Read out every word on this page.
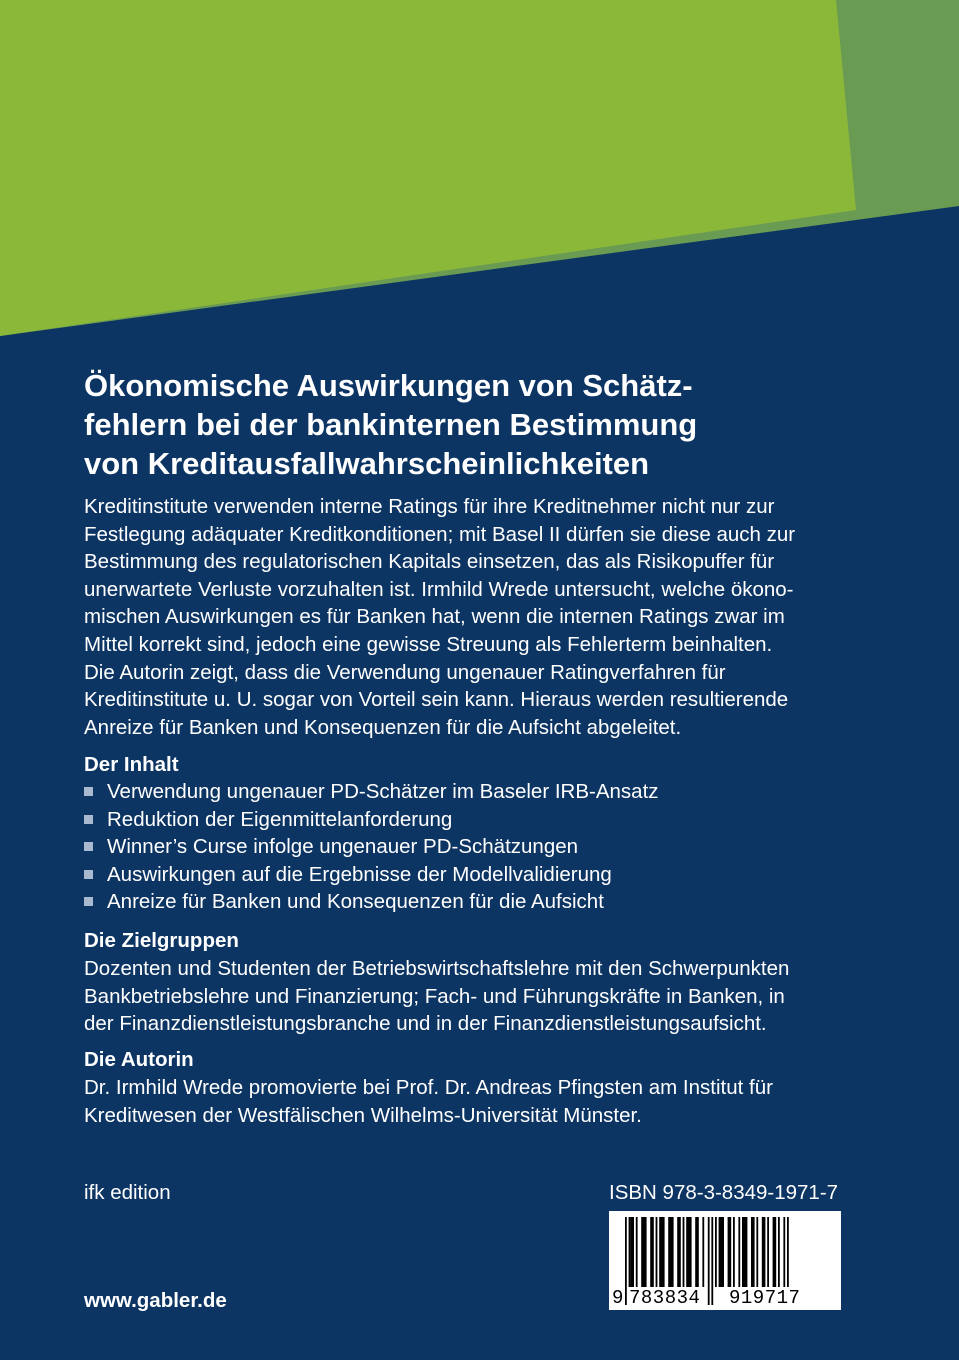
Ökonomische Auswirkungen von Schätz-
fehlern bei der bankinternen Bestimmung
von Kreditausfallwahrscheinlichkeiten
Kreditinstitute verwenden interne Ratings für ihre Kreditnehmer nicht nur zur
Festlegung adäquater Kreditkonditionen; mit Basel II dürfen sie diese auch zur
Bestimmung des regulatorischen Kapitals einsetzen, das als Risikopuffer für
unerwartete Verluste vorzuhalten ist. Irmhild Wrede untersucht, welche ökono-
mischen Auswirkungen es für Banken hat, wenn die internen Ratings zwar im
Mittel korrekt sind, jedoch eine gewisse Streuung als Fehlerterm beinhalten.
Die Autorin zeigt, dass die Verwendung ungenauer Ratingverfahren für
Kreditinstitute u. U. sogar von Vorteil sein kann. Hieraus werden resultierende
Anreize für Banken und Konsequenzen für die Aufsicht abgeleitet.
Der Inhalt
Verwendung ungenauer PD-Schätzer im Baseler IRB-Ansatz
Reduktion der Eigenmittelanforderung
Winner’s Curse infolge ungenauer PD-Schätzungen
Auswirkungen auf die Ergebnisse der Modellvalidierung
Anreize für Banken und Konsequenzen für die Aufsicht
Die Zielgruppen
Dozenten und Studenten der Betriebswirtschaftslehre mit den Schwerpunkten
Bankbetriebslehre und Finanzierung; Fach- und Führungskräfte in Banken, in
der Finanzdienstleistungsbranche und in der Finanzdienstleistungsaufsicht.
Die Autorin
Dr. Irmhild Wrede promovierte bei Prof. Dr. Andreas Pfingsten am Institut für
Kreditwesen der Westfälischen Wilhelms-Universität Münster.
ifk edition
www.gabler.de
ISBN 978-3-8349-1971-7
9 783834 919717
